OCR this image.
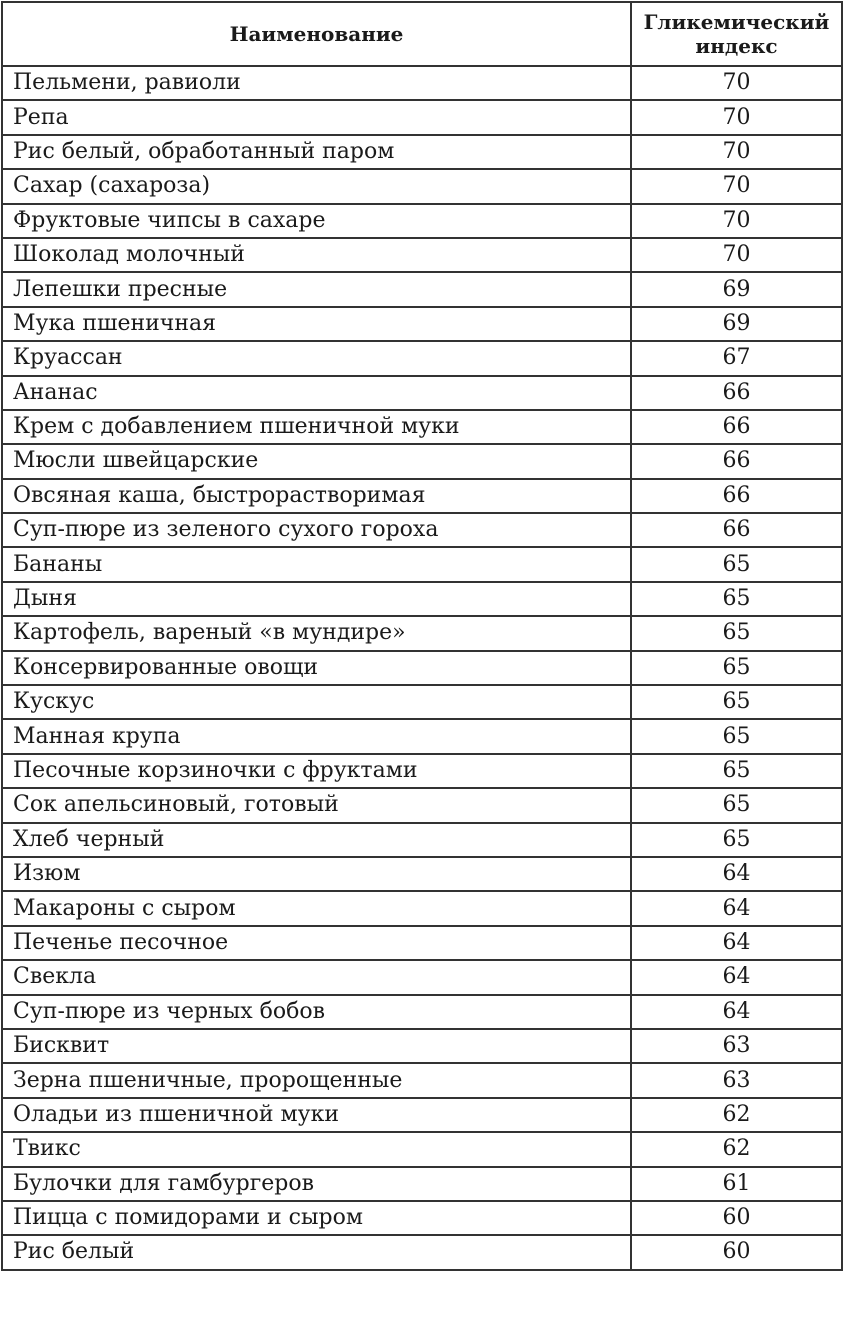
Наименование	Гликемический
индекс

Пельмени, равиоли	70
Репа	70
Рис белый, обработанный паром	70
Сахар (сахароза)	70
Фруктовые чипсы в сахаре	70
Шоколад молочный	70
Лепешки пресные	69
Мука пшеничная	69
Круассан	67
Ананас	66
Крем с добавлением пшеничной муки	66
Мюсли швейцарские	66
Овсяная каша, быстрорастворимая	66
Суп-пюре из зеленого сухого гороха	66
Бананы	65
Дыня	65
Картофель, вареный «в мундире»	65
Консервированные овощи	65
Кускус	65
Манная крупа	65
Песочные корзиночки с фруктами	65
Сок апельсиновый, готовый	65
Хлеб черный	65
Изюм	64
Макароны с сыром	64
Печенье песочное	64
Свекла	64
Суп-пюре из черных бобов	64
Бисквит	63
Зерна пшеничные, пророщенные	63
Оладьи из пшеничной муки	62
Твикс	62
Булочки для гамбургеров	61
Пицца с помидорами и сыром	60
Рис белый	60
